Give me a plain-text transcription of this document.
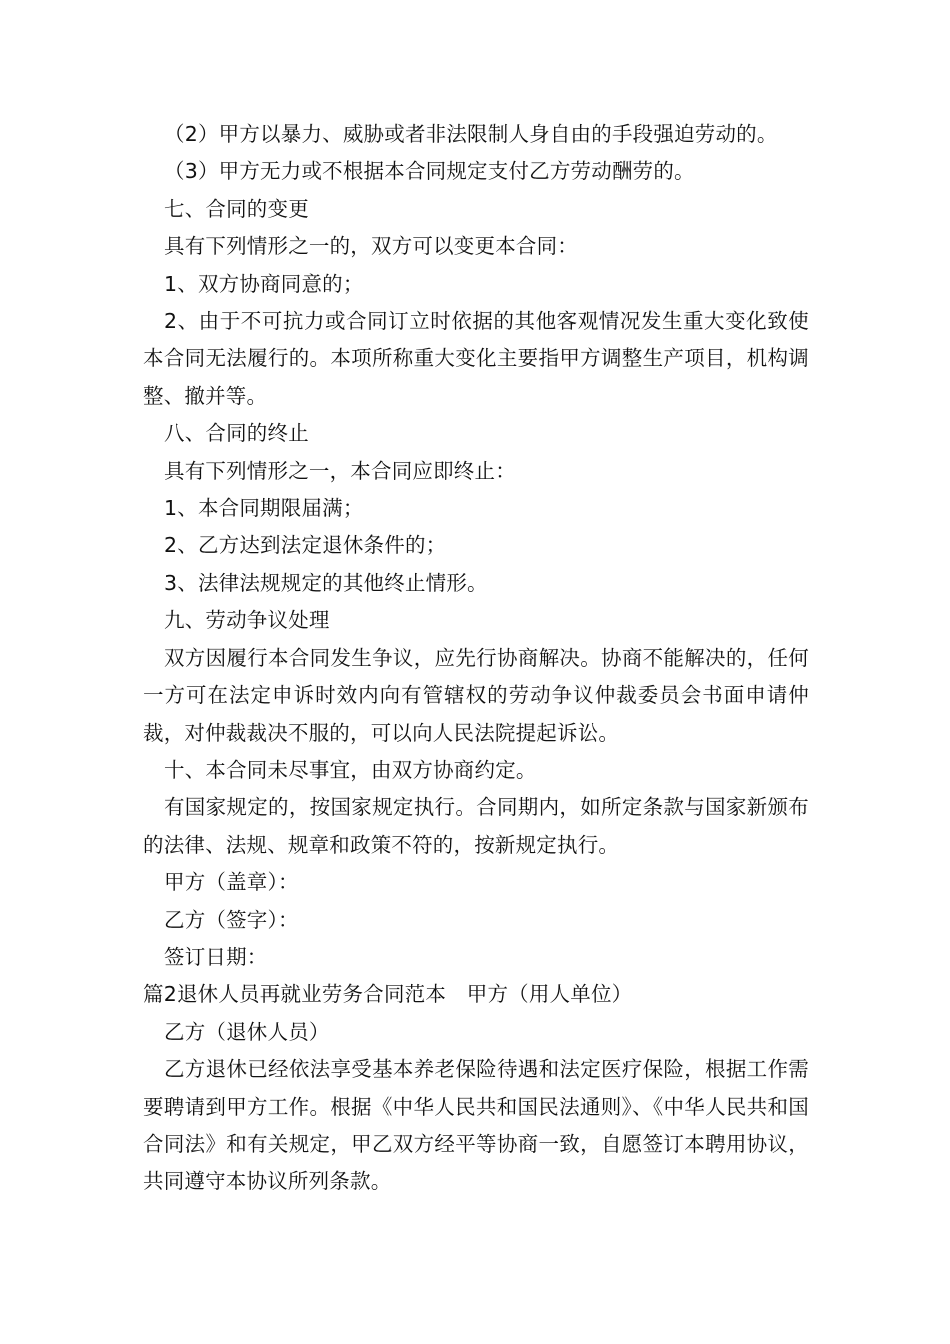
（2）甲方以暴力、威胁或者非法限制人身自由的手段强迫劳动的。

（3）甲方无力或不根据本合同规定支付乙方劳动酬劳的。

七、合同的变更

具有下列情形之一的，双方可以变更本合同：

1、双方协商同意的；

2、由于不可抗力或合同订立时依据的其他客观情况发生重大变化致使本合同无法履行的。本项所称重大变化主要指甲方调整生产项目，机构调整、撤并等。

八、合同的终止

具有下列情形之一，本合同应即终止：

1、本合同期限届满；

2、乙方达到法定退休条件的；

3、法律法规规定的其他终止情形。

九、劳动争议处理

双方因履行本合同发生争议，应先行协商解决。协商不能解决的，任何一方可在法定申诉时效内向有管辖权的劳动争议仲裁委员会书面申请仲裁，对仲裁裁决不服的，可以向人民法院提起诉讼。

十、本合同未尽事宜，由双方协商约定。

有国家规定的，按国家规定执行。合同期内，如所定条款与国家新颁布的法律、法规、规章和政策不符的，按新规定执行。

甲方（盖章）：

乙方（签字）：

签订日期：

篇2退休人员再就业劳务合同范本　甲方（用人单位）

乙方（退休人员）

乙方退休已经依法享受基本养老保险待遇和法定医疗保险，根据工作需要聘请到甲方工作。根据《中华人民共和国民法通则》、《中华人民共和国合同法》和有关规定，甲乙双方经平等协商一致，自愿签订本聘用协议，共同遵守本协议所列条款。
